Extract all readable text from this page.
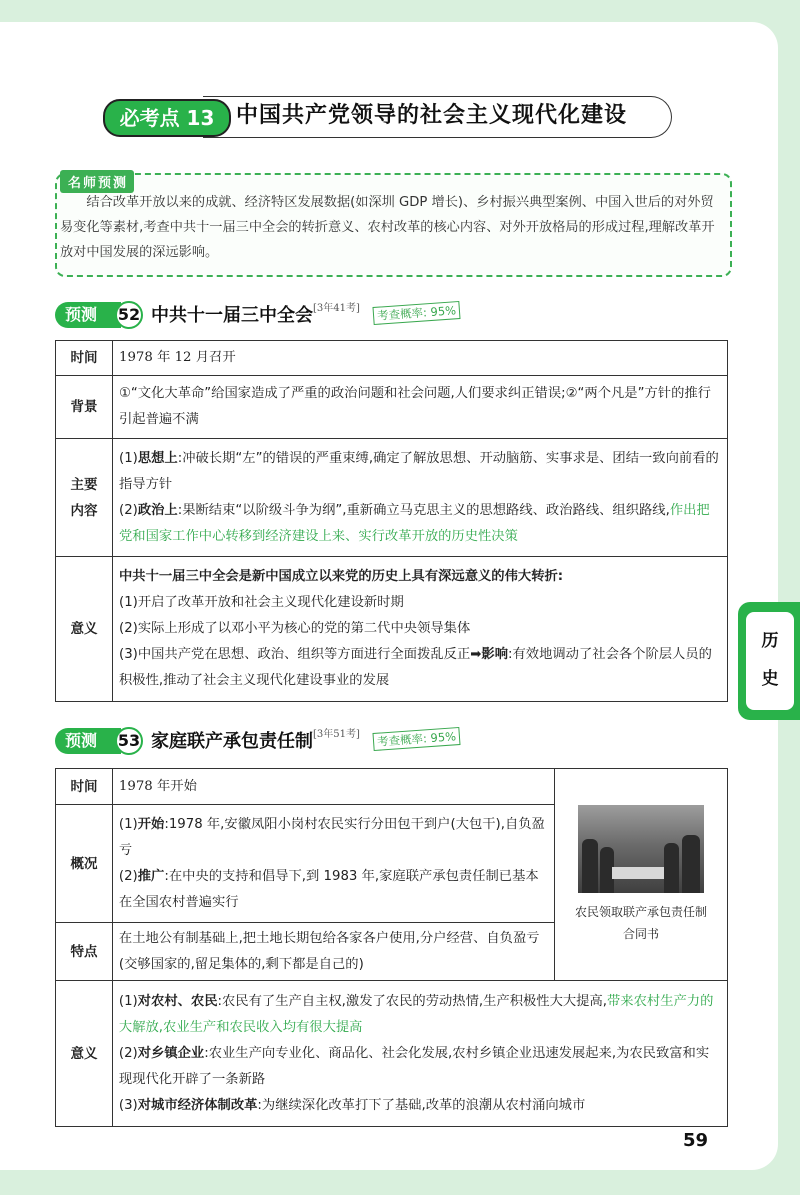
必考点 13 中国共产党领导的社会主义现代化建设
名师预测
结合改革开放以来的成就、经济特区发展数据(如深圳 GDP 增长)、乡村振兴典型案例、中国入世后的对外贸易变化等素材,考查中共十一届三中全会的转折意义、农村改革的核心内容、对外开放格局的形成过程,理解改革开放对中国发展的深远影响。
预测	52 中共十一届三中全会 [3年41考]	考查概率: 95%
时间	1978 年 12 月召开
背景	①“文化大革命”给国家造成了严重的政治问题和社会问题,人们要求纠正错误;②“两个凡是”方针的推行引起普遍不满
主要内容	(1)思想上:冲破长期“左”的错误的严重束缚,确定了解放思想、开动脑筋、实事求是、团结一致向前看的指导方针
(2)政治上:果断结束“以阶级斗争为纲”,重新确立马克思主义的思想路线、政治路线、组织路线,作出把党和国家工作中心转移到经济建设上来、实行改革开放的历史性决策

意义	中共十一届三中全会是新中国成立以来党的历史上具有深远意义的伟大转折:
(1)开启了改革开放和社会主义现代化建设新时期
(2)实际上形成了以邓小平为核心的党的第二代中央领导集体
(3)中国共产党在思想、政治、组织等方面进行全面拨乱反正➡影响:有效地调动了社会各个阶层人员的积极性,推动了社会主义现代化建设事业的发展
预测	53 家庭联产承包责任制 [3年51考]	考查概率: 95%
时间	1978 年开始	农民领取联产承包责任制合同书

概况	(1)开始:1978 年,安徽凤阳小岗村农民实行分田包干到户(大包干),自负盈亏
(2)推广:在中央的支持和倡导下,到 1983 年,家庭联产承包责任制已基本在全国农村普遍实行	

特点	在土地公有制基础上,把土地长期包给各家各户使用,分户经营、自负盈亏(交够国家的,留足集体的,剩下都是自己的)	
意义	(1)对农村、农民:农民有了生产自主权,激发了农民的劳动热情,生产积极性大大提高,带来农村生产力的大解放,农业生产和农民收入均有很大提高
(2)对乡镇企业:农业生产向专业化、商品化、社会化发展,农村乡镇企业迅速发展起来,为农民致富和实现现代化开辟了一条新路
(3)对城市经济体制改革:为继续深化改革打下了基础,改革的浪潮从农村涌向城市	
历
史
59
